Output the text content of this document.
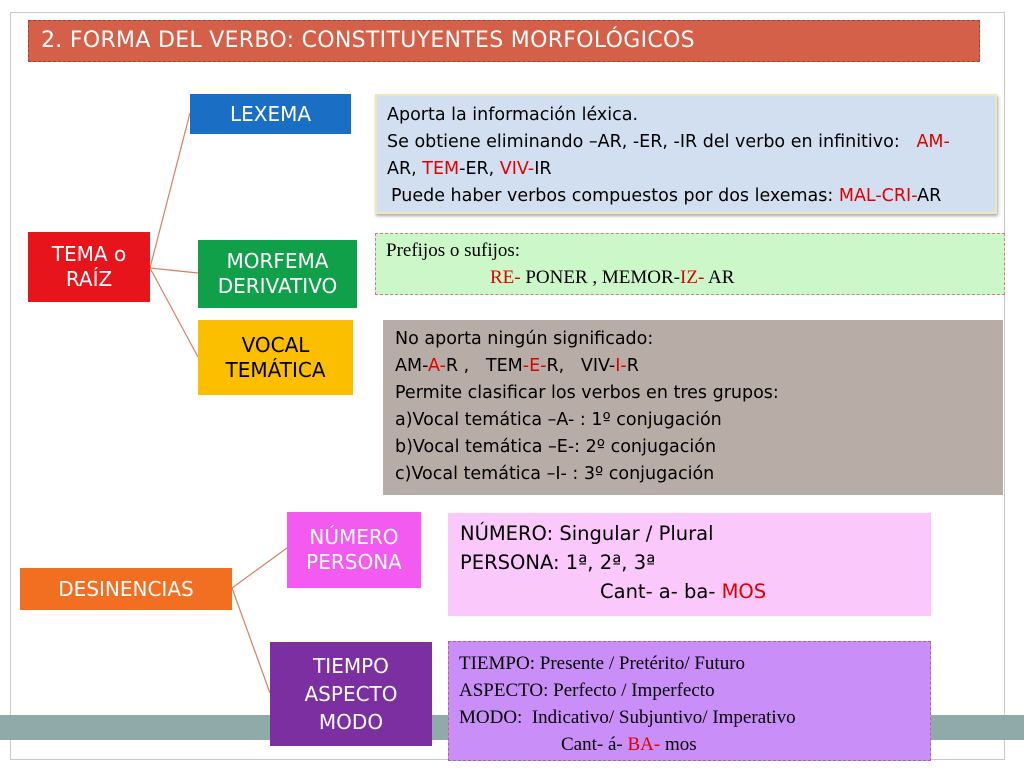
2. FORMA DEL VERBO: CONSTITUYENTES MORFOLÓGICOS
TEMA o RAÍZ
LEXEMA
MORFEMA DERIVATIVO
VOCAL TEMÁTICA
DESINENCIAS
NÚMERO PERSONA
TIEMPO ASPECTO MODO
Aporta la información léxica.
Se obtiene eliminando –AR, -ER, -IR del verbo en infinitivo:   AM-
AR, TEM-ER, VIV-IR
Puede haber verbos compuestos por dos lexemas: MAL-CRI-AR
Prefijos o sufijos:
RE- PONER , MEMOR-IZ- AR
No aporta ningún significado:
AM-A-R ,   TEM-E-R,   VIV-I-R
Permite clasificar los verbos en tres grupos:
a)Vocal temática –A- : 1º conjugación
b)Vocal temática –E-: 2º conjugación
c)Vocal temática –I- : 3º conjugación
NÚMERO: Singular / Plural
PERSONA: 1ª, 2ª, 3ª
Cant- a- ba- MOS
TIEMPO: Presente / Pretérito/ Futuro
ASPECTO: Perfecto / Imperfecto
MODO:  Indicativo/ Subjuntivo/ Imperativo
Cant- á- BA- mos
